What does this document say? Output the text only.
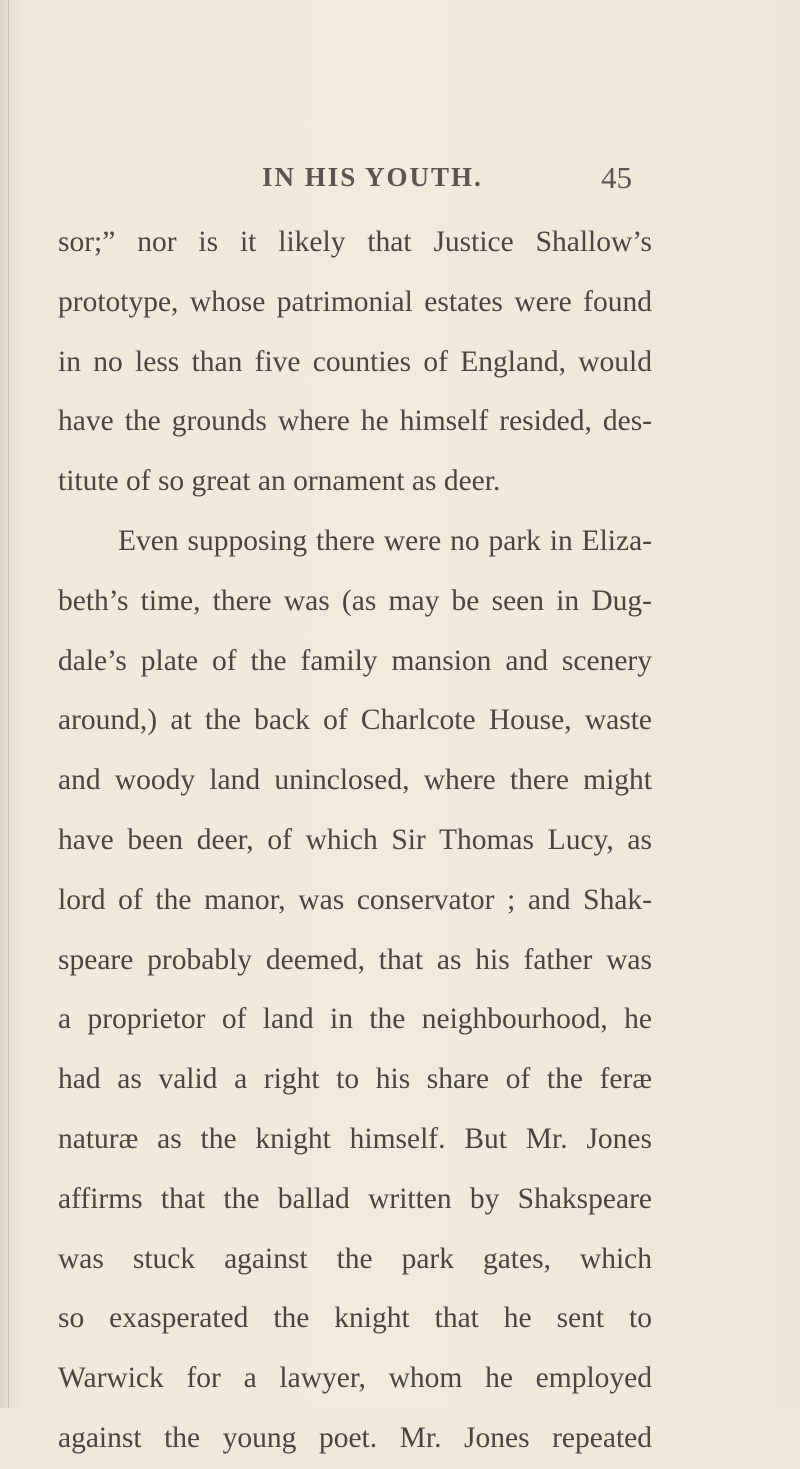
IN HIS YOUTH.	45
sor;” nor is it likely that Justice Shallow’s
prototype, whose patrimonial estates were found
in no less than five counties of England, would
have the grounds where he himself resided, des-
titute of so great an ornament as deer.
Even supposing there were no park in Eliza-
beth’s time, there was (as may be seen in Dug-
dale’s plate of the family mansion and scenery
around,) at the back of Charlcote House, waste
and woody land uninclosed, where there might
have been deer, of which Sir Thomas Lucy, as
lord of the manor, was conservator ; and Shak-
speare probably deemed, that as his father was
a proprietor of land in the neighbourhood, he
had as valid a right to his share of the feræ
naturæ as the knight himself. But Mr. Jones
affirms that the ballad written by Shakspeare
was stuck against the park gates, which
so exasperated the knight that he sent to
Warwick for a lawyer, whom he employed
against the young poet. Mr. Jones repeated
